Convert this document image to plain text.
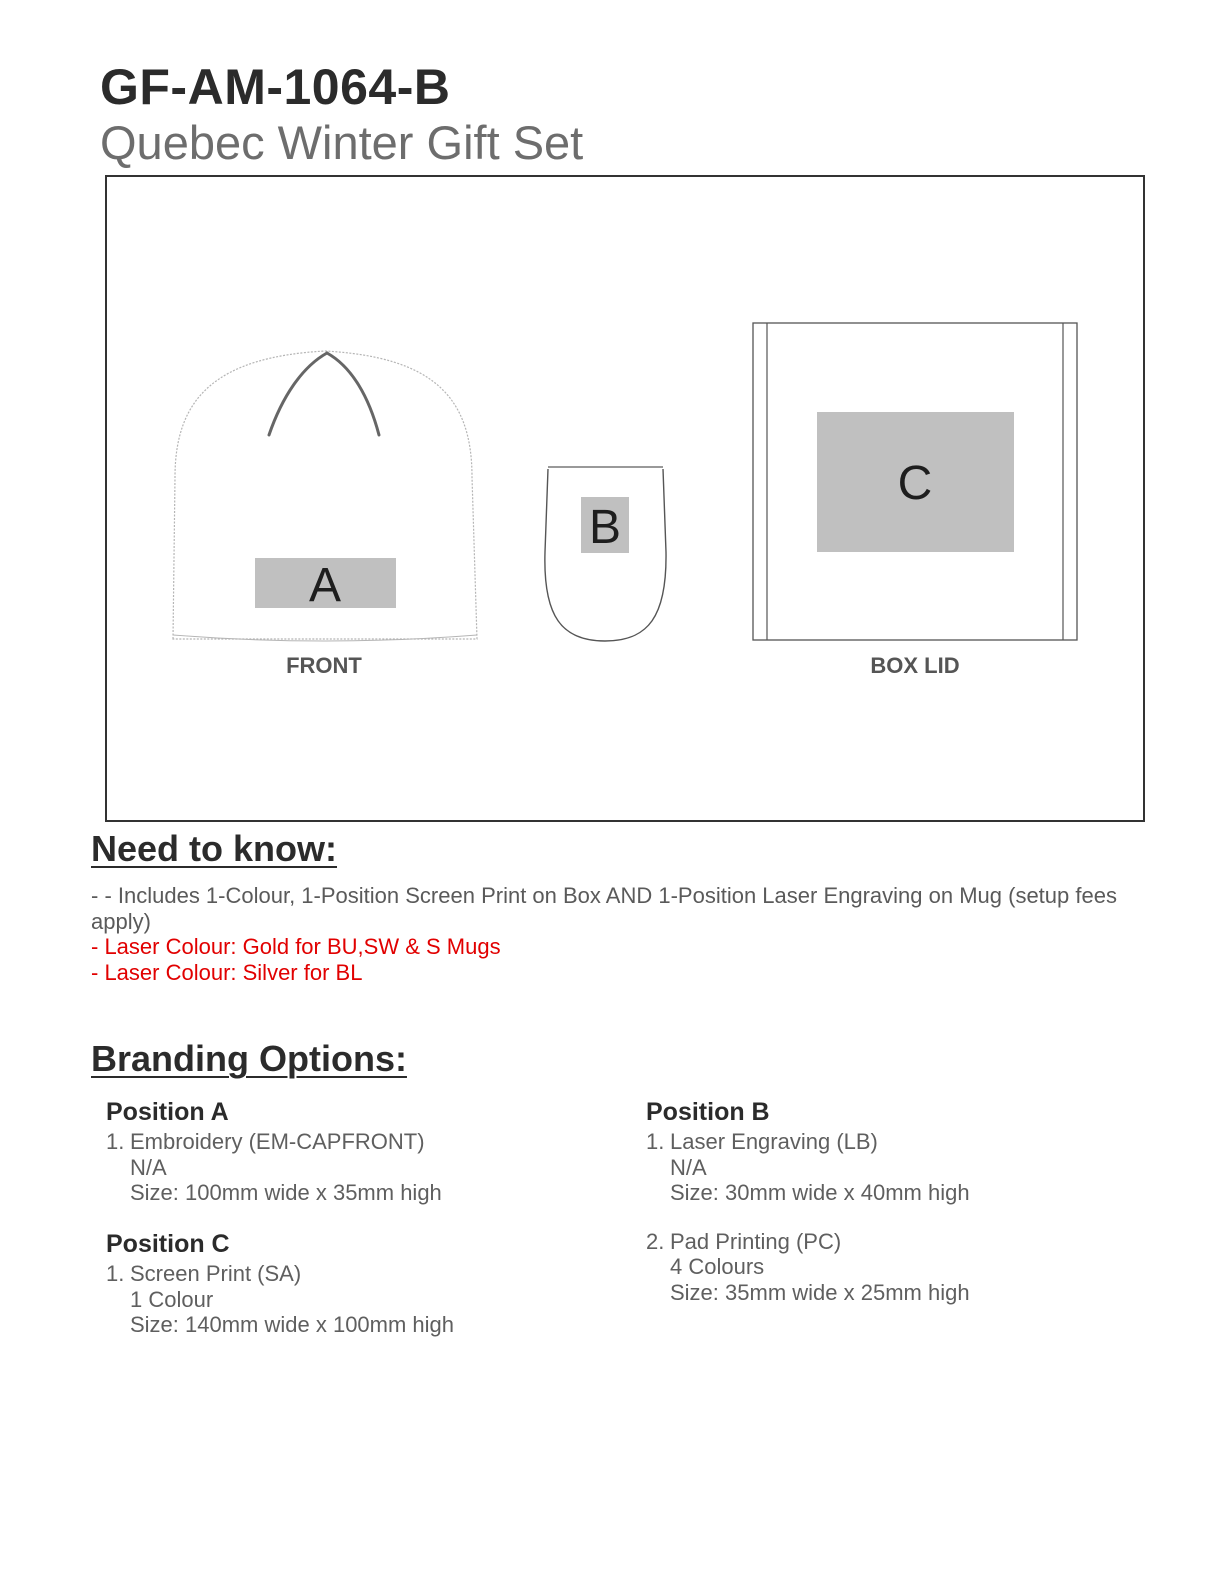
GF-AM-1064-B
Quebec Winter Gift Set
A
FRONT
B
C
BOX LID
Need to know:

- - Includes 1-Colour, 1-Position Screen Print on Box AND 1-Position Laser Engraving on Mug (setup fees apply)

- Laser Colour: Gold for BU,SW & S Mugs

- Laser Colour: Silver for BL

Branding Options:
Position A

1. Embroidery (EM-CAPFRONT)
N/A
Size: 100mm wide x 35mm high

Position C

1. Screen Print (SA)
1 Colour
Size: 140mm wide x 100mm high

Position B

1. Laser Engraving (LB)
N/A
Size: 30mm wide x 40mm high

2. Pad Printing (PC)
4 Colours
Size: 35mm wide x 25mm high
